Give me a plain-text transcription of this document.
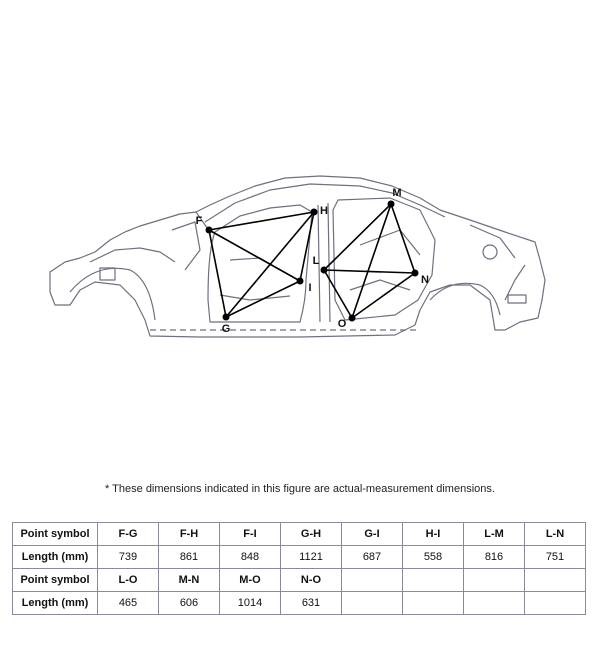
F
G
H
I
L
M
N
O
* These dimensions indicated in this figure are actual-measurement dimensions.
Point symbol	F-G	F-H	F-I	G-H	G-I	H-I	L-M	L-N
Length (mm)	739	861	848	1121	687	558	816	751
Point symbol	L-O	M-N	M-O	N-O				
Length (mm)	465	606	1014	631				
